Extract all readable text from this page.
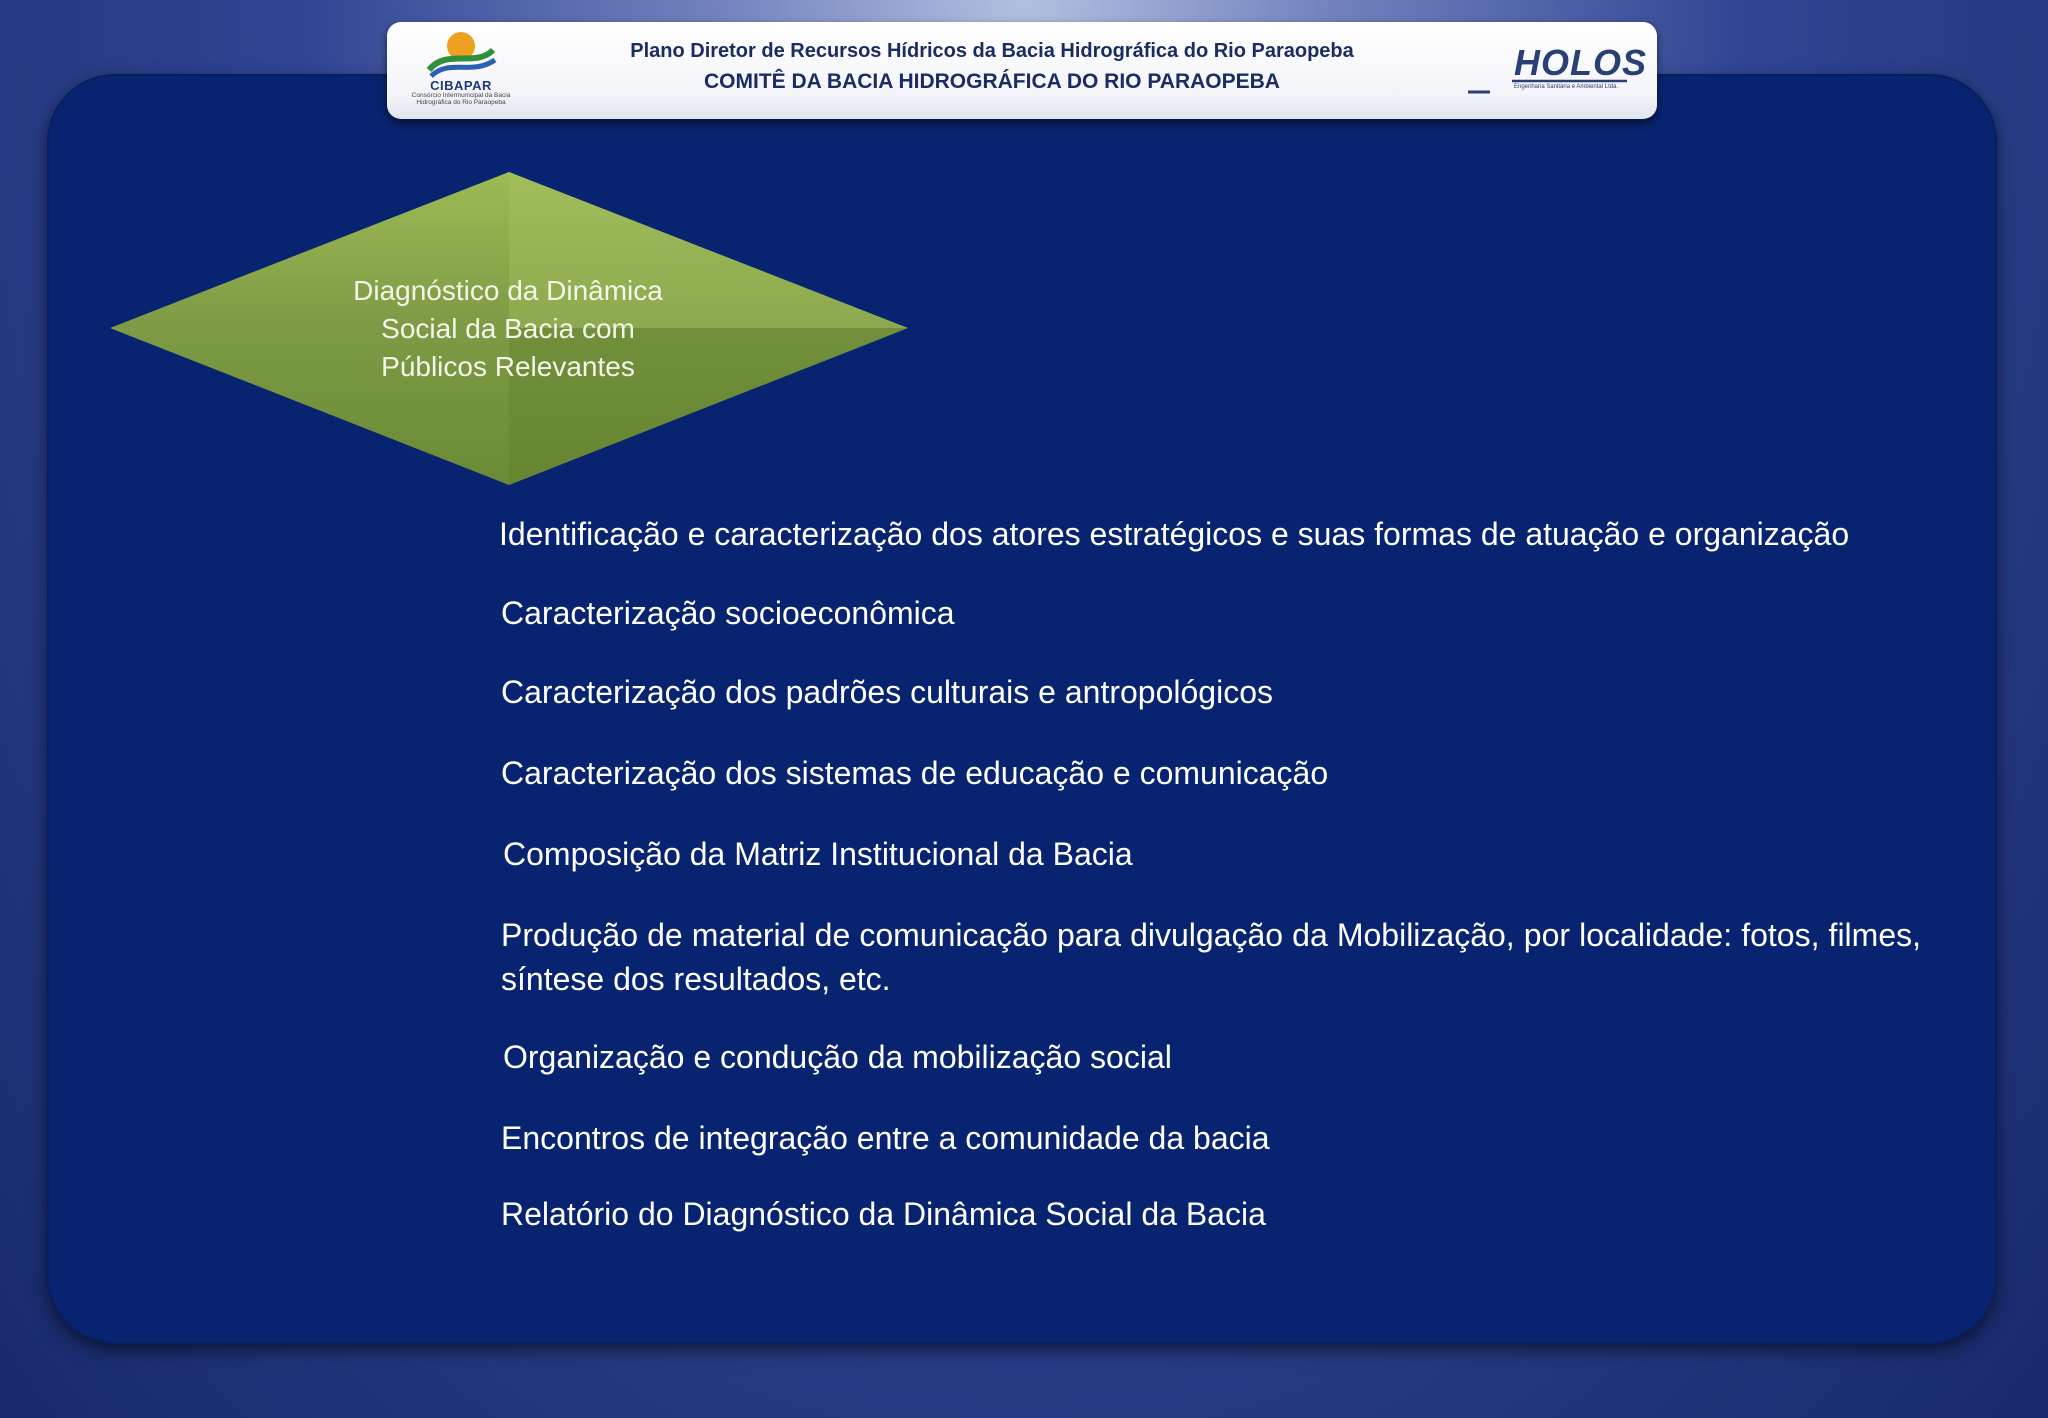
CIBAPAR
Consórcio Intermunicipal da Bacia Hidrográfica do Rio Paraopeba
Plano Diretor de Recursos Hídricos da Bacia Hidrográfica do Rio Paraopeba
COMITÊ DA BACIA HIDROGRÁFICA DO RIO PARAOPEBA	HOLOS
Engenharia Sanitária e Ambiental Ltda.
Diagnóstico da Dinâmica
Social da Bacia com
Públicos Relevantes
Identificação e caracterização dos atores estratégicos e suas formas de atuação e organização
Caracterização socioeconômica
Caracterização dos padrões culturais e antropológicos
Caracterização dos sistemas de educação e comunicação
Composição da Matriz Institucional da Bacia
Produção de material de comunicação para divulgação da Mobilização, por localidade: fotos, filmes, síntese dos resultados, etc.
Organização e condução da mobilização social
Encontros de integração entre a comunidade da bacia
Relatório do Diagnóstico da Dinâmica Social da Bacia
